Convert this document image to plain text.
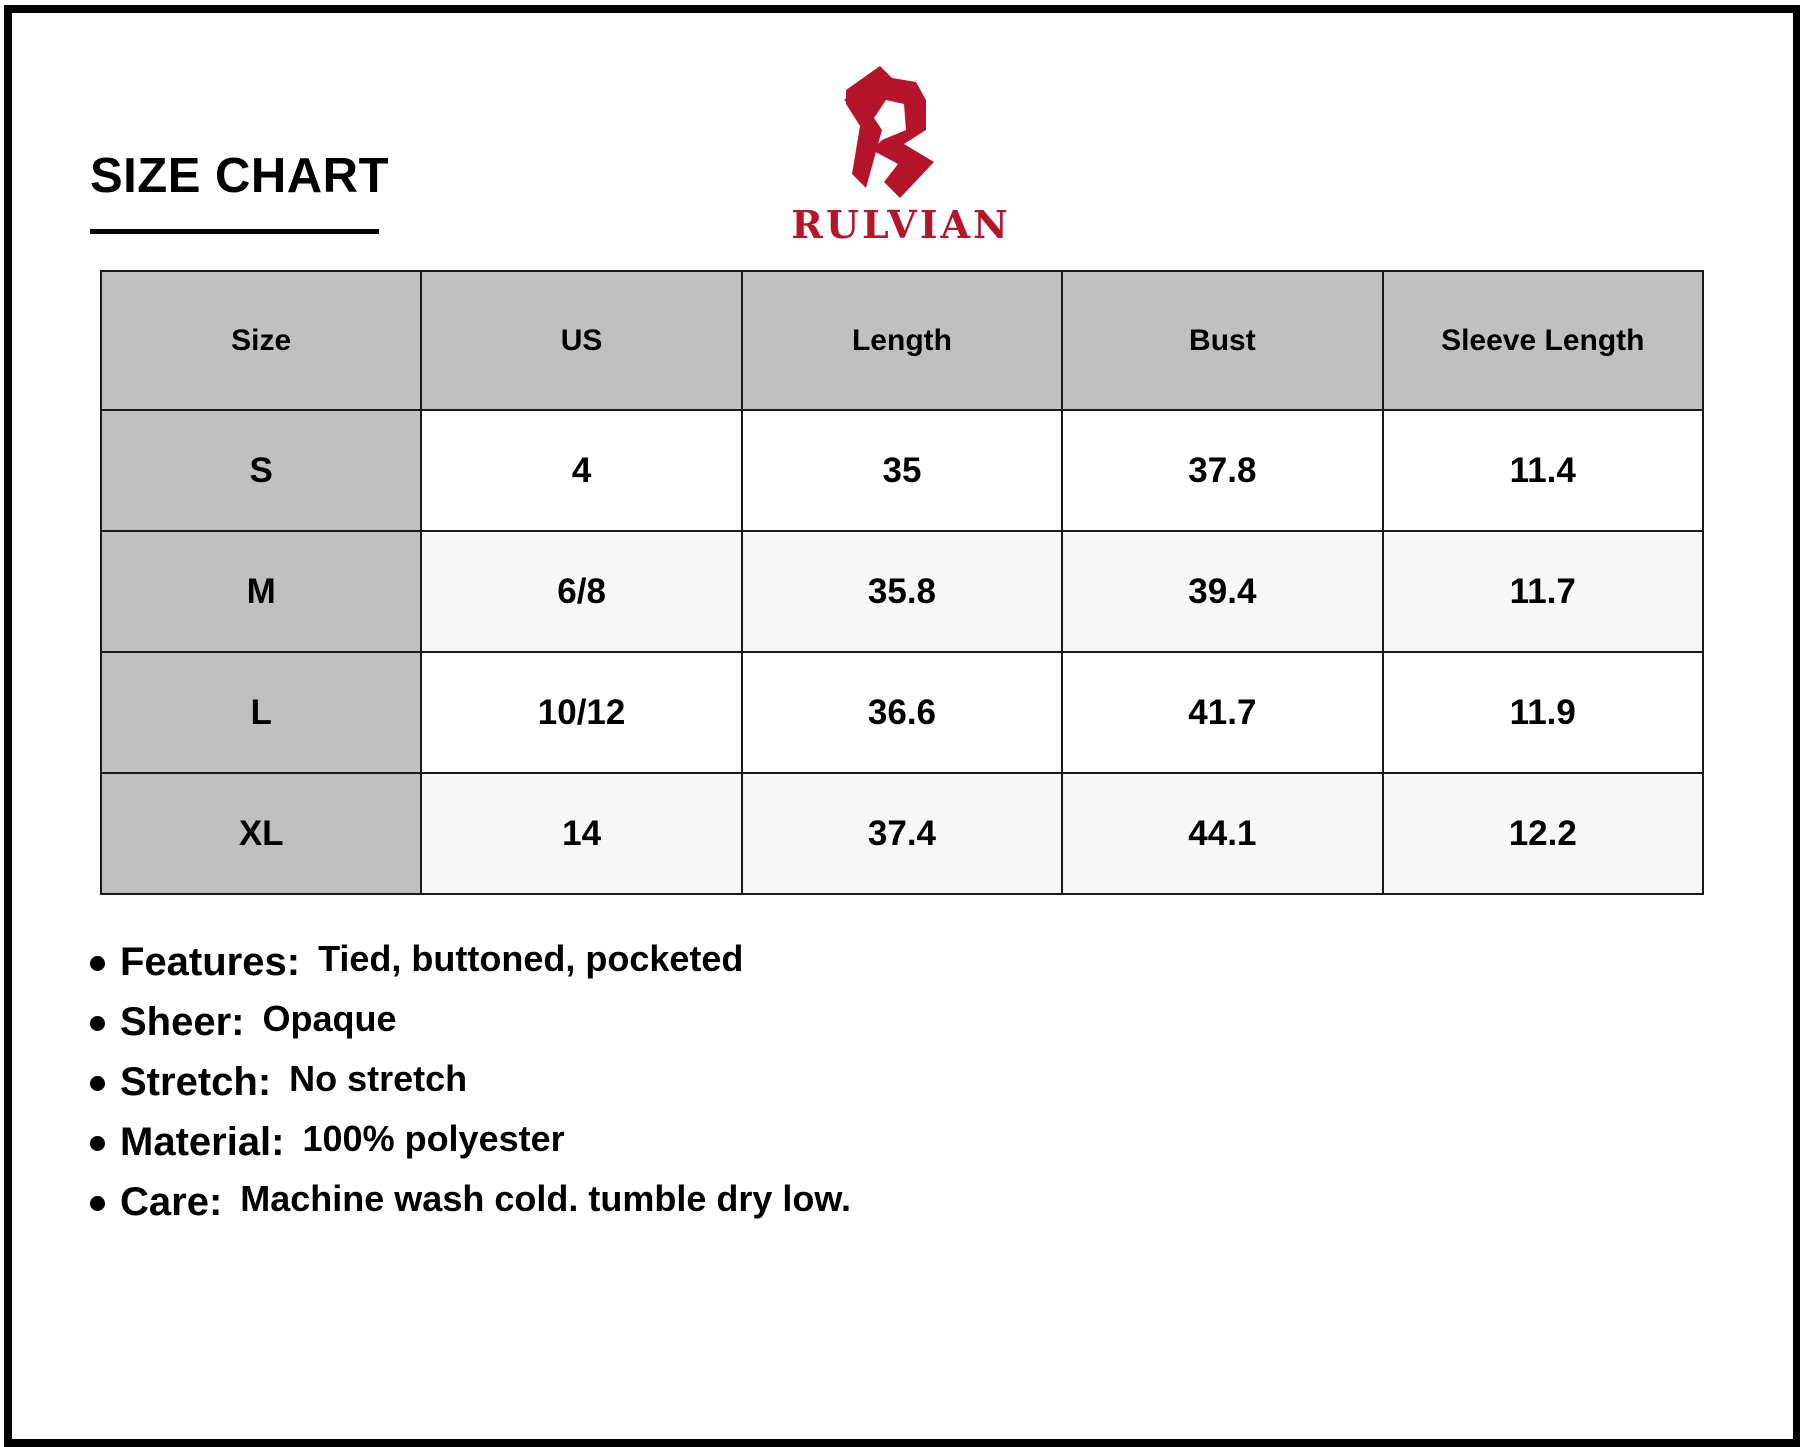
SIZE CHART
RULVIAN
Size	US	Length	Bust	Sleeve Length
S	4	35	37.8	11.4
M	6/8	35.8	39.4	11.7
L	10/12	36.6	41.7	11.9
XL	14	37.4	44.1	12.2
Features: Tied, buttoned, pocketed
Sheer: Opaque
Stretch: No stretch
Material: 100% polyester
Care: Machine wash cold. tumble dry low.
